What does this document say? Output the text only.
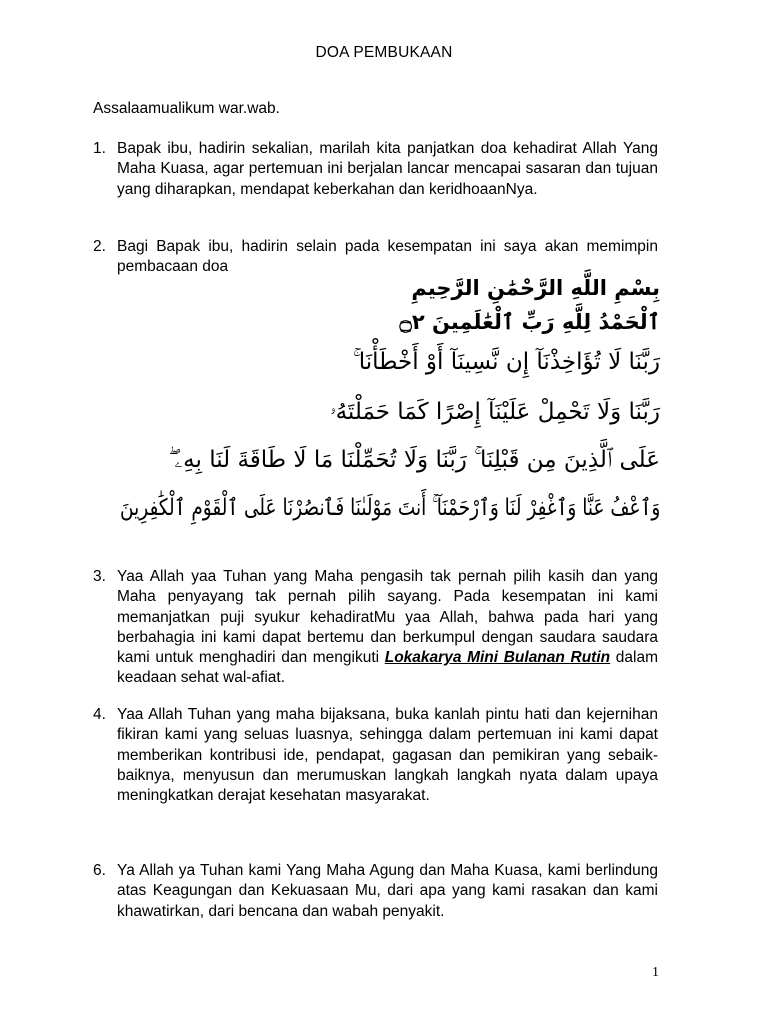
DOA PEMBUKAAN
Assalaamualikum war.wab.
1. Bapak ibu, hadirin sekalian, marilah kita panjatkan doa kehadirat Allah Yang Maha Kuasa, agar pertemuan ini berjalan lancar mencapai sasaran dan tujuan yang diharapkan, mendapat keberkahan dan keridhoaanNya.
2. Bagi Bapak ibu, hadirin selain pada kesempatan ini saya akan memimpin pembacaan doa
بِسْمِ اللَّهِ الرَّحْمَٰنِ الرَّحِيمِ
ٱلْحَمْدُ لِلَّهِ رَبِّ ٱلْعَٰلَمِينَ ۝٢
رَبَّنَا لَا تُؤَاخِذْنَآ إِن نَّسِينَآ أَوْ أَخْطَأْنَا ۚ
رَبَّنَا وَلَا تَحْمِلْ عَلَيْنَآ إِصْرًا كَمَا حَمَلْتَهُۥ
عَلَى ٱلَّذِينَ مِن قَبْلِنَا ۚ رَبَّنَا وَلَا تُحَمِّلْنَا مَا لَا طَاقَةَ لَنَا بِهِۦ ۖ
وَٱعْفُ عَنَّا وَٱغْفِرْ لَنَا وَٱرْحَمْنَآ ۚ أَنتَ مَوْلَىٰنَا فَٱنصُرْنَا عَلَى ٱلْقَوْمِ ٱلْكَٰفِرِينَ
3. Yaa Allah yaa Tuhan yang Maha pengasih tak pernah pilih kasih dan yang Maha penyayang tak pernah pilih sayang. Pada kesempatan ini kami memanjatkan puji syukur kehadiratMu yaa Allah, bahwa pada hari yang berbahagia ini kami dapat bertemu dan berkumpul dengan saudara saudara kami untuk menghadiri dan mengikuti Lokakarya Mini Bulanan Rutin dalam keadaan sehat wal-afiat.
4. Yaa Allah Tuhan yang maha bijaksana, buka kanlah pintu hati dan kejernihan fikiran kami yang seluas luasnya, sehingga dalam pertemuan ini kami dapat memberikan kontribusi ide, pendapat, gagasan dan pemikiran yang sebaik-baiknya, menyusun dan merumuskan langkah langkah nyata dalam upaya meningkatkan derajat kesehatan masyarakat.
6. Ya Allah ya Tuhan kami Yang Maha Agung dan Maha Kuasa, kami berlindung atas Keagungan dan Kekuasaan Mu, dari apa yang kami rasakan dan kami khawatirkan, dari bencana dan wabah penyakit.
1
